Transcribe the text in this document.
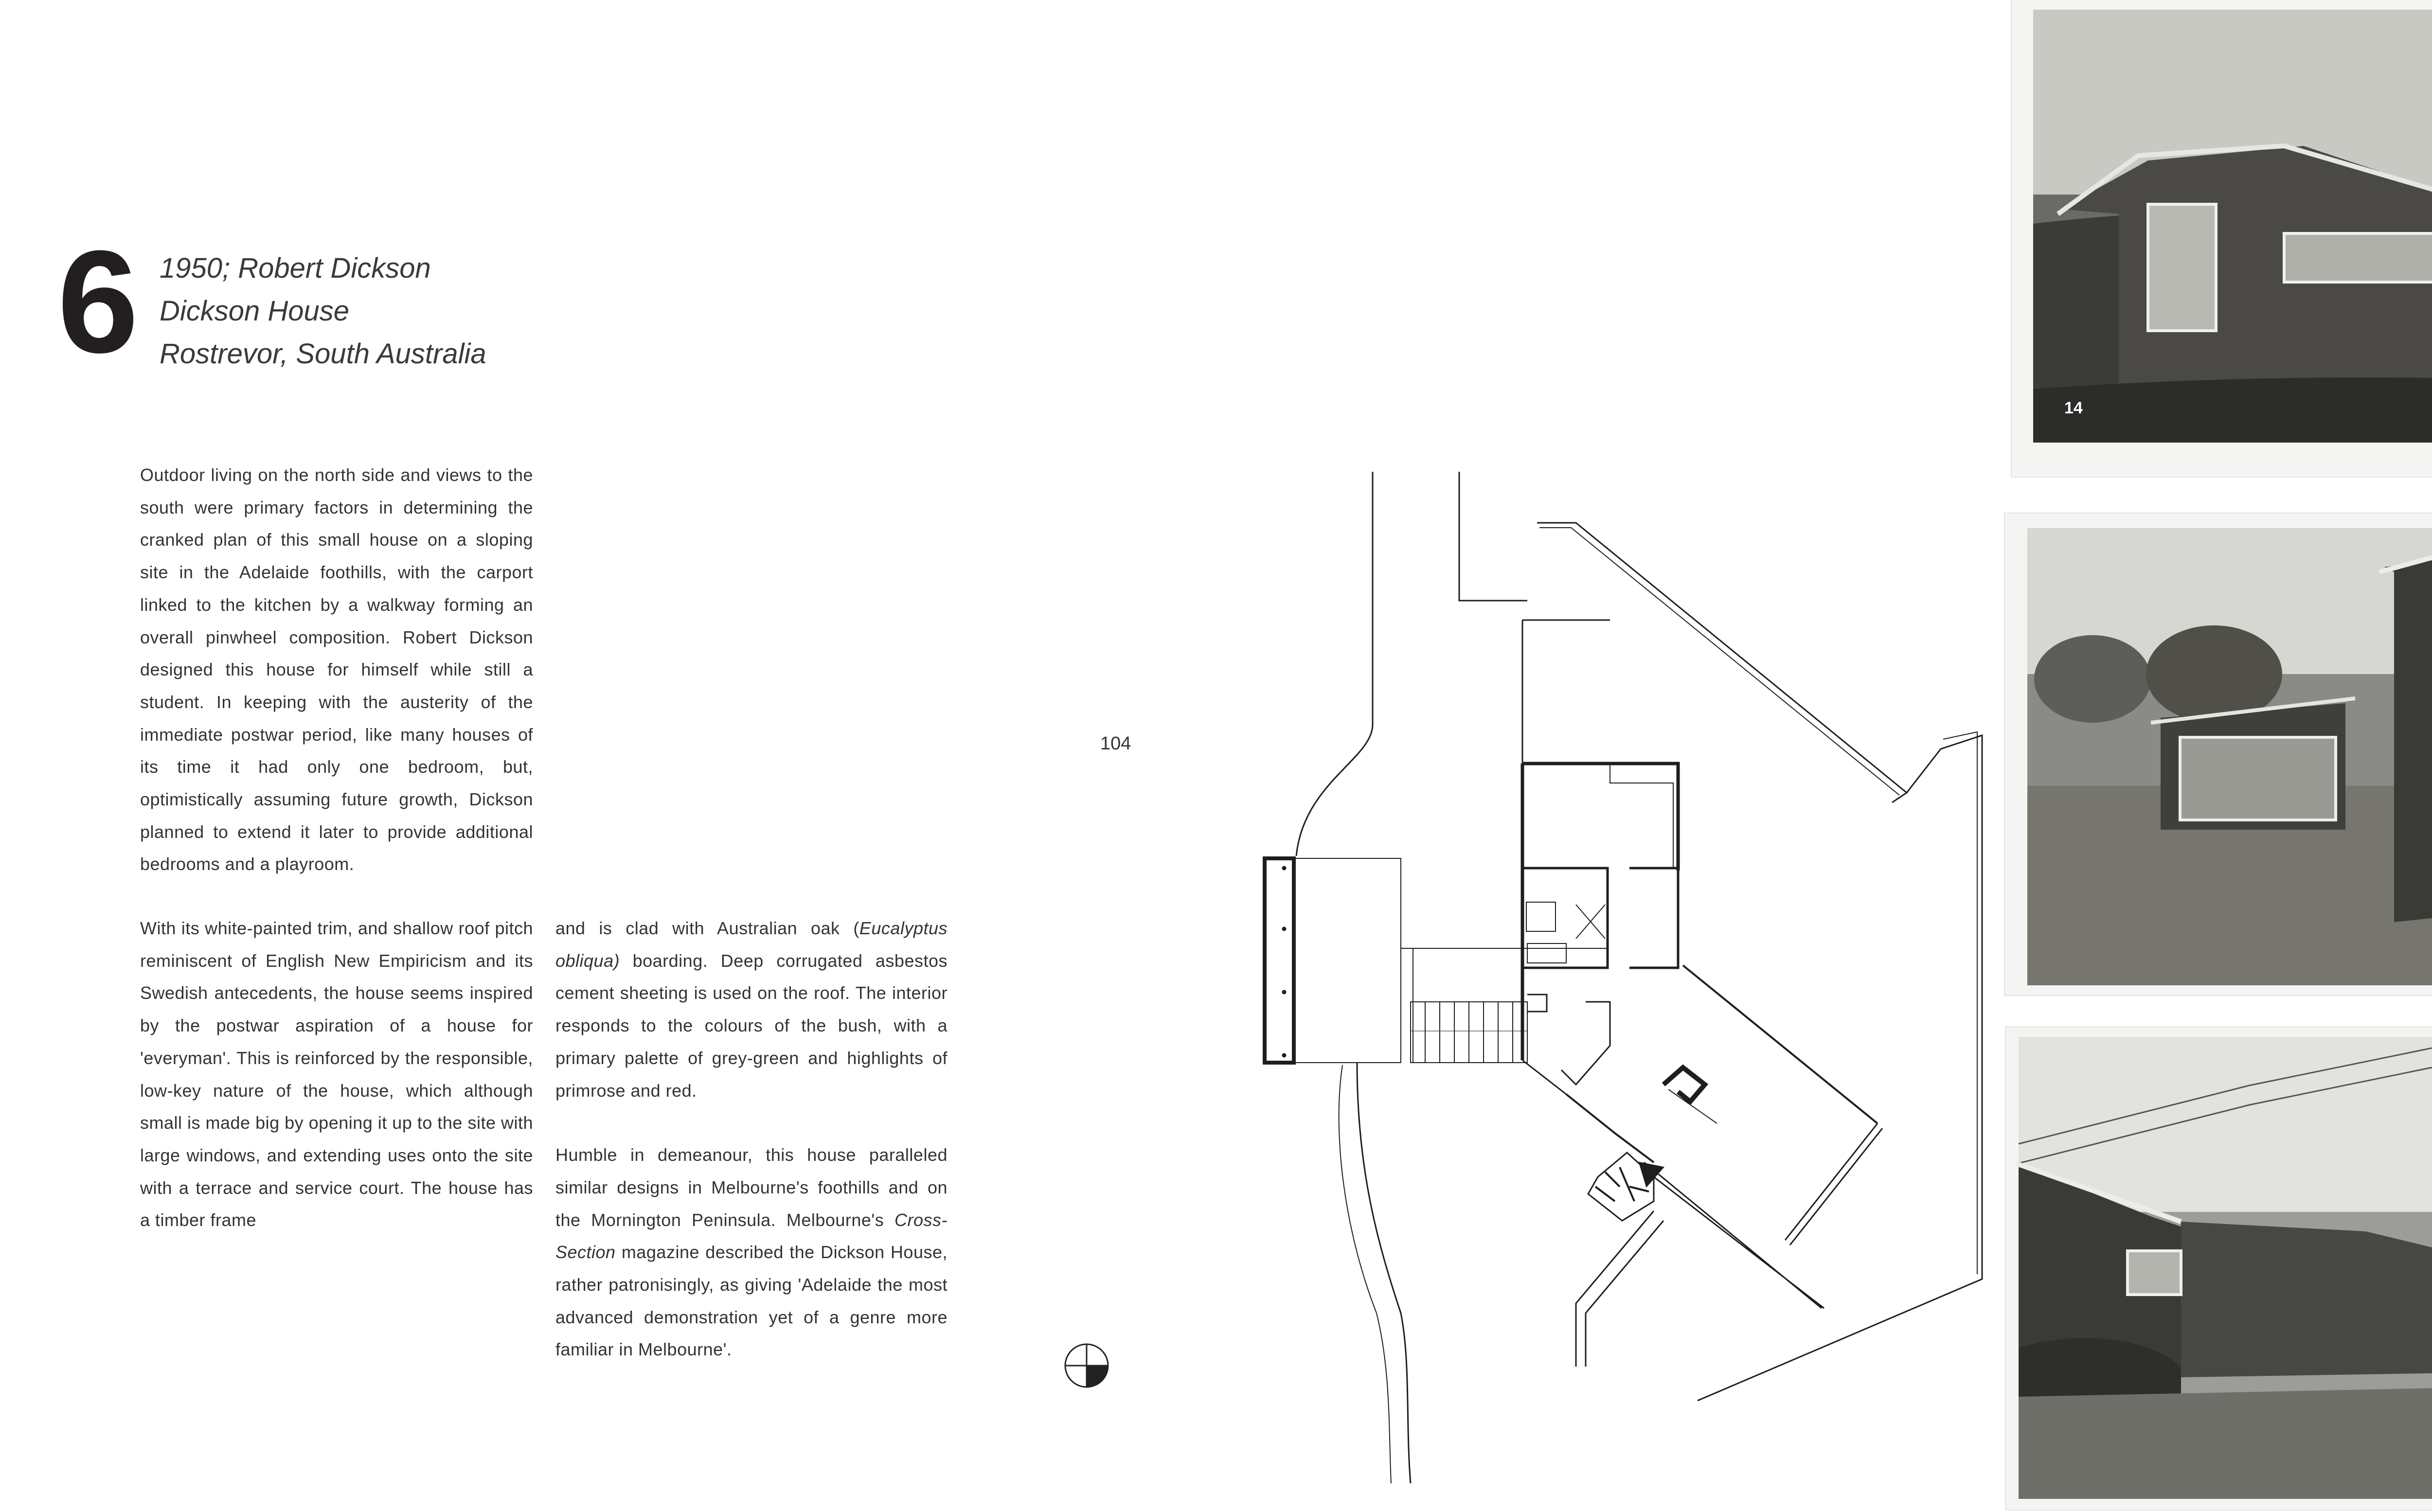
6 1950; Robert Dickson
Dickson House
Rostrevor, South Australia

Outdoor living on the north side and views to the south were primary factors in determining the cranked plan of this small house on a sloping site in the Adelaide foothills, with the carport linked to the kitchen by a walkway forming an overall pinwheel composition. Robert Dickson designed this house for himself while still a student. In keeping with the austerity of the immediate postwar period, like many houses of its time it had only one bedroom, but, optimistically assuming future growth, Dickson planned to extend it later to provide additional bedrooms and a playroom.

With its white-painted trim, and shallow roof pitch reminiscent of English New Empiricism and its Swedish antecedents, the house seems inspired by the postwar aspiration of a house for 'everyman'. This is reinforced by the responsible, low-key nature of the house, which although small is made big by opening it up to the site with large windows, and extending uses onto the site with a terrace and service court. The house has a timber frame

and is clad with Australian oak (Eucalyptus obliqua) boarding. Deep corrugated asbestos cement sheeting is used on the roof. The interior responds to the colours of the bush, with a primary palette of grey-green and highlights of primrose and red.

Humble in demeanour, this house paralleled similar designs in Melbourne's foothills and on the Mornington Peninsula. Melbourne's Cross-Section magazine described the Dickson House, rather patronisingly, as giving 'Adelaide the most advanced demonstration yet of a genre more familiar in Melbourne'.

104
14
